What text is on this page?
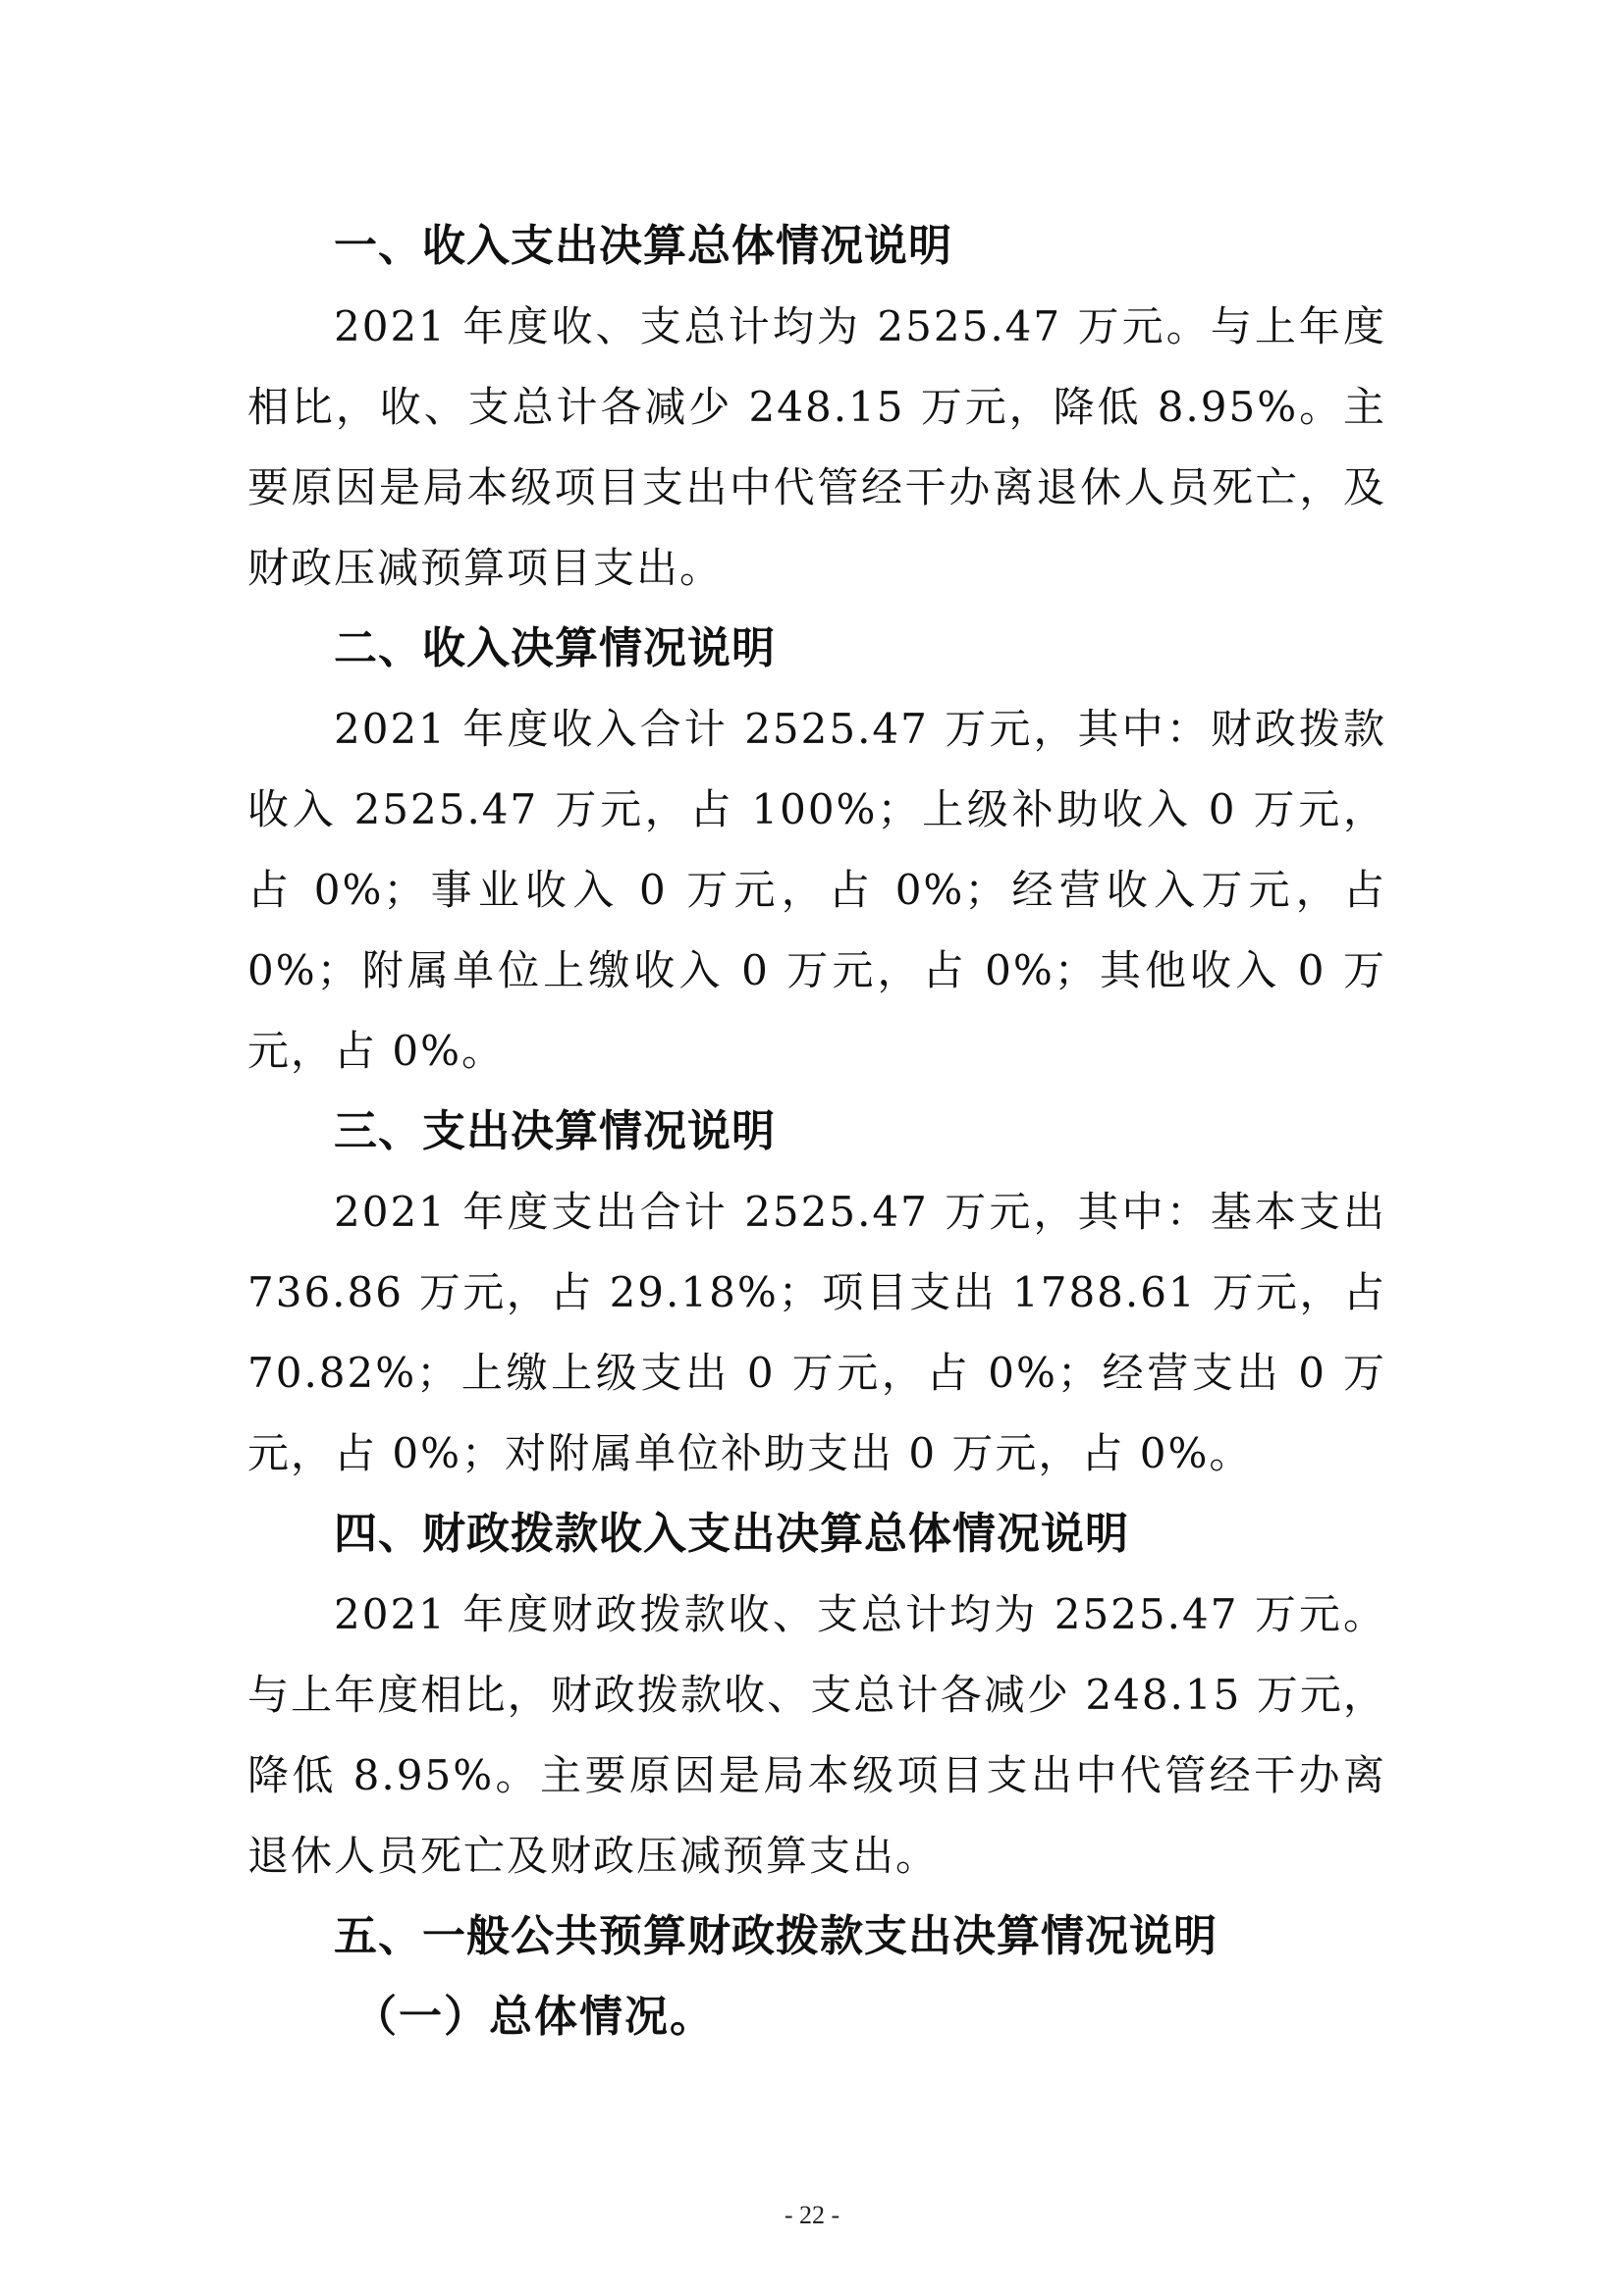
一、收入支出决算总体情况说明

2021 年度收、支总计均为 2525.47 万元。与上年度相比，收、支总计各减少 248.15 万元，降低 8.95%。主要原因是局本级项目支出中代管经干办离退休人员死亡，及财政压减预算项目支出。

二、收入决算情况说明

2021 年度收入合计 2525.47 万元，其中：财政拨款收入 2525.47 万元，占 100%；上级补助收入 0 万元，占 0%；事业收入 0 万元，占 0%；经营收入万元，占 0%；附属单位上缴收入 0 万元，占 0%；其他收入 0 万元，占 0%。

三、支出决算情况说明

2021 年度支出合计 2525.47 万元，其中：基本支出 736.86 万元，占 29.18%；项目支出 1788.61 万元，占 70.82%；上缴上级支出 0 万元，占 0%；经营支出 0 万元，占 0%；对附属单位补助支出 0 万元，占 0%。

四、财政拨款收入支出决算总体情况说明

2021 年度财政拨款收、支总计均为 2525.47 万元。与上年度相比，财政拨款收、支总计各减少 248.15 万元，降低 8.95%。主要原因是局本级项目支出中代管经干办离退休人员死亡及财政压减预算支出。

五、一般公共预算财政拨款支出决算情况说明
（一）总体情况。
- 22 -
